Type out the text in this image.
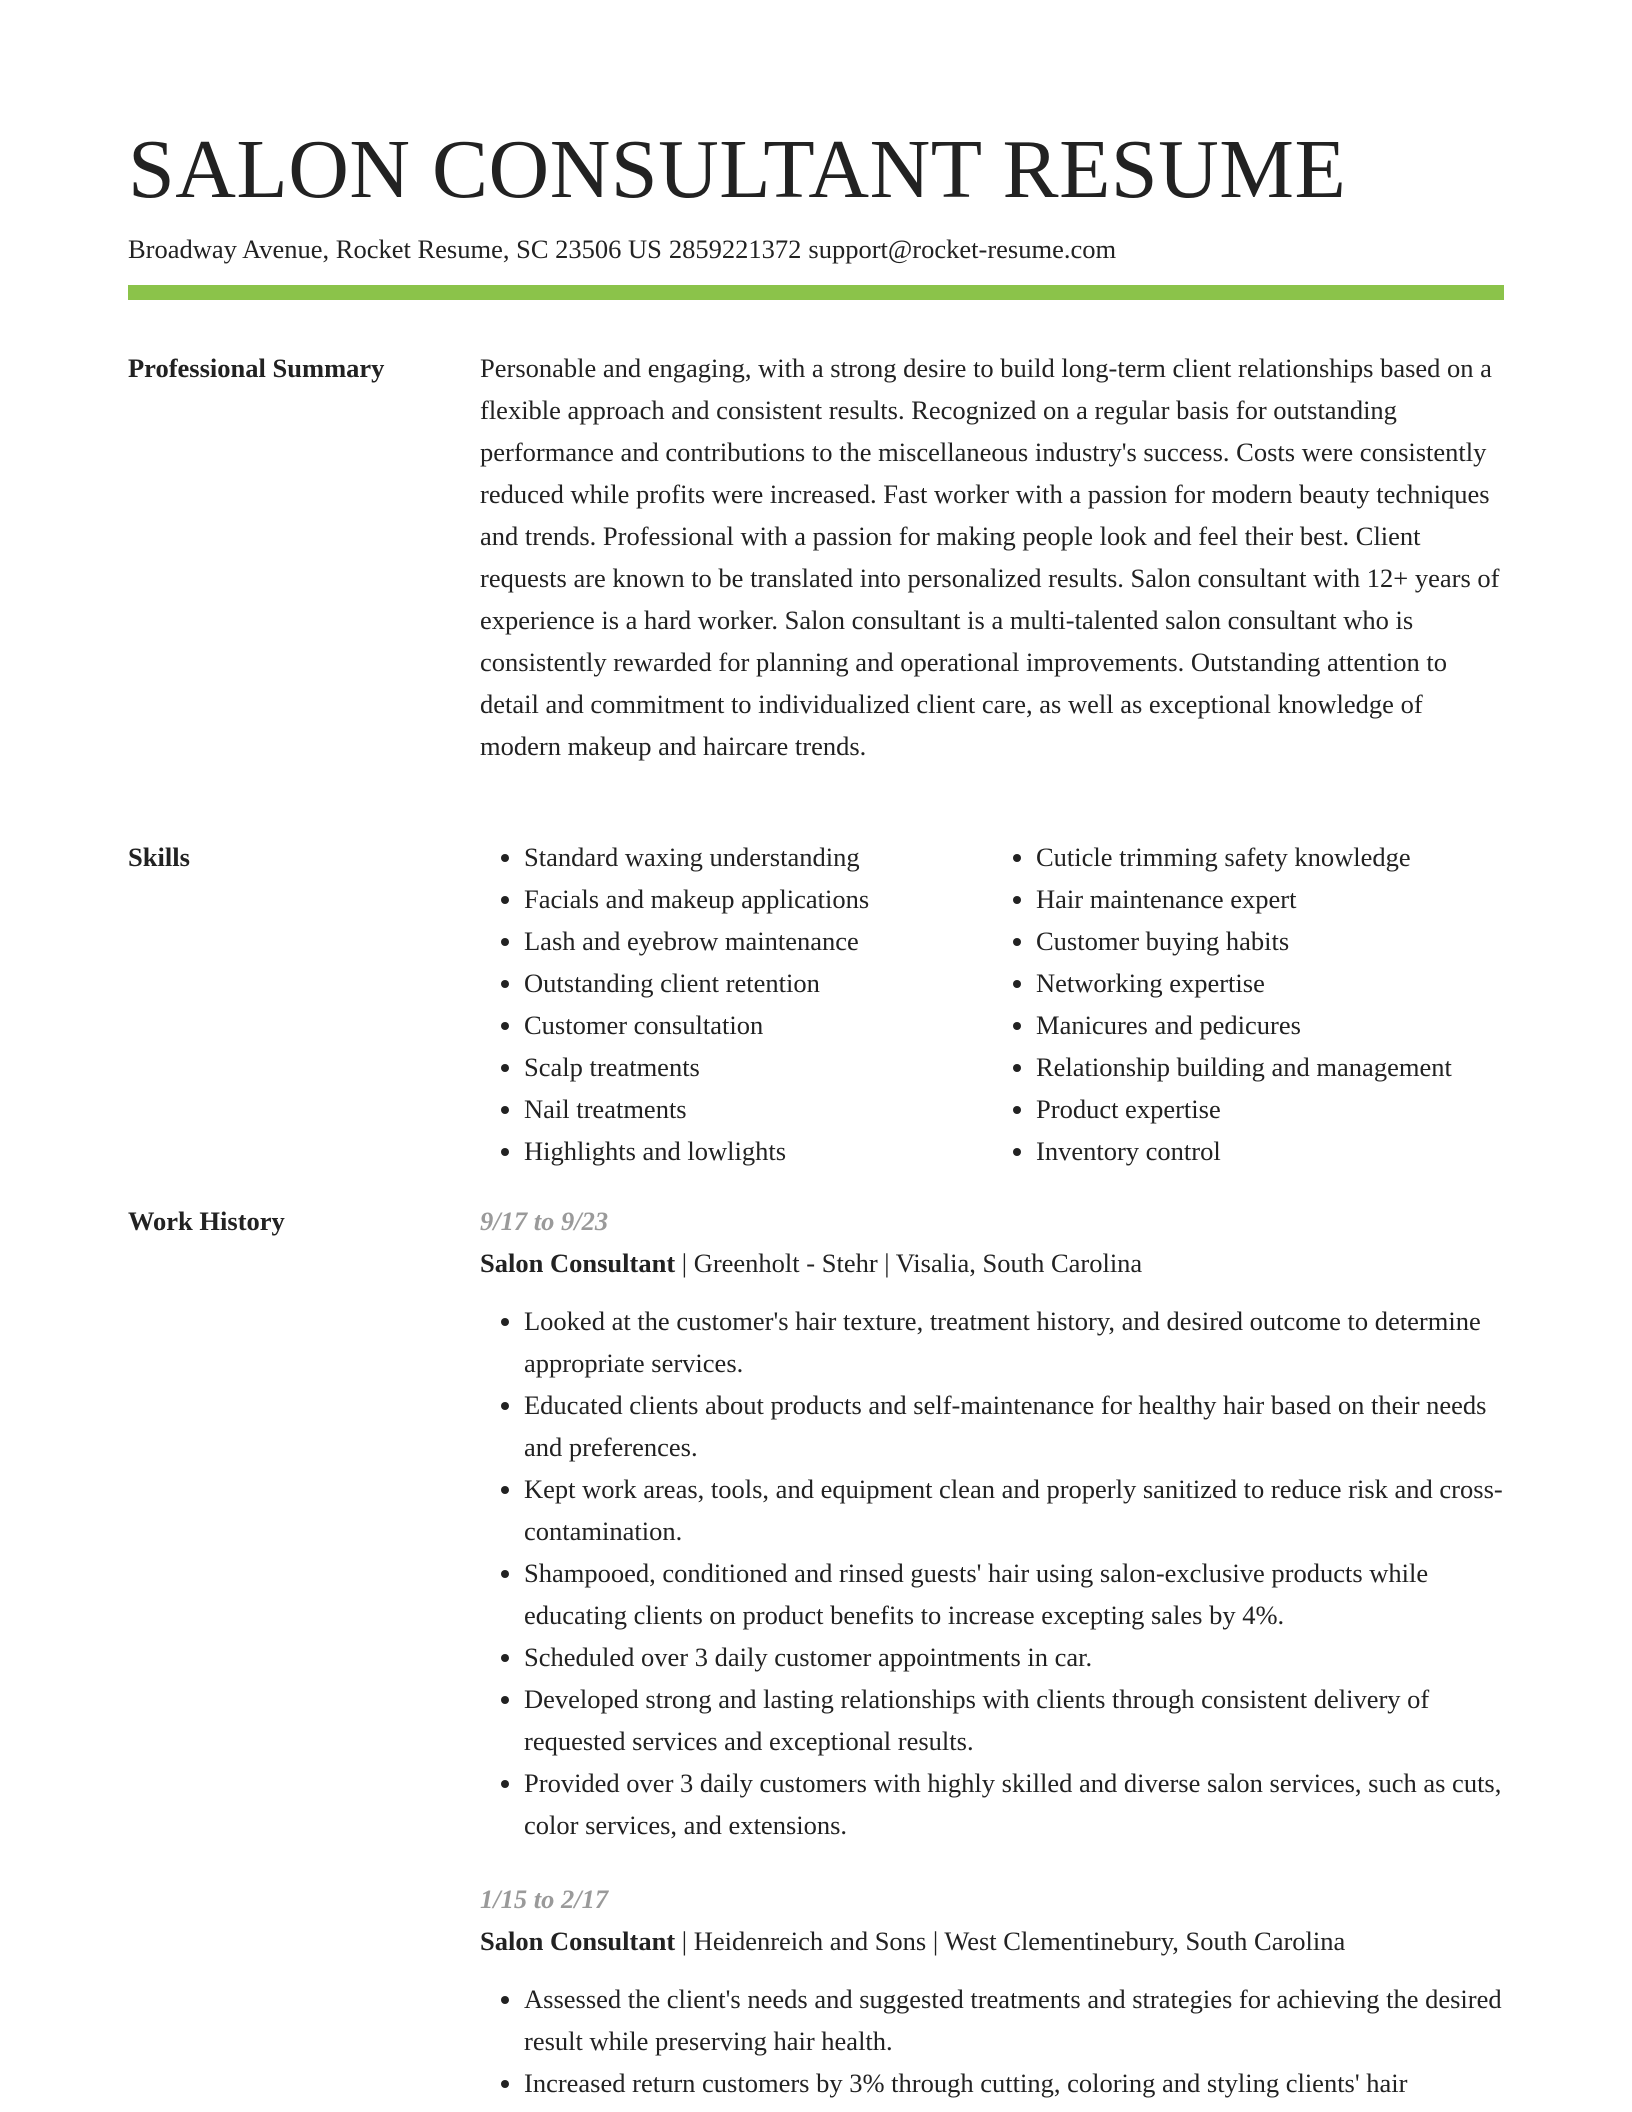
SALON CONSULTANT RESUME
Broadway Avenue, Rocket Resume, SC 23506 US 2859221372 support@rocket-resume.com
Professional Summary	Personable and engaging, with a strong desire to build long-term client relationships based on a flexible approach and consistent results. Recognized on a regular basis for outstanding performance and contributions to the miscellaneous industry's success. Costs were consistently reduced while profits were increased. Fast worker with a passion for modern beauty techniques and trends. Professional with a passion for making people look and feel their best. Client requests are known to be translated into personalized results. Salon consultant with 12+ years of experience is a hard worker. Salon consultant is a multi-talented salon consultant who is consistently rewarded for planning and operational improvements. Outstanding attention to detail and commitment to individualized client care, as well as exceptional knowledge of modern makeup and haircare trends.

Skills
•	Standard waxing understanding
• Facials and makeup applications
• Lash and eyebrow maintenance
• Outstanding client retention
• Customer consultation
• Scalp treatments
• Nail treatments
• Highlights and lowlights
• Cuticle trimming safety knowledge
• Hair maintenance expert
• Customer buying habits
• Networking expertise
• Manicures and pedicures
• Relationship building and management
• Product expertise
• Inventory control
Work History	9/17 to 9/23
Salon Consultant | Greenholt - Stehr | Visalia, South Carolina
• Looked at the customer's hair texture, treatment history, and desired outcome to determine appropriate services.
• Educated clients about products and self-maintenance for healthy hair based on their needs and preferences.
• Kept work areas, tools, and equipment clean and properly sanitized to reduce risk and cross-contamination.
• Shampooed, conditioned and rinsed guests' hair using salon-exclusive products while educating clients on product benefits to increase excepting sales by 4%.
• Scheduled over 3 daily customer appointments in car.
• Developed strong and lasting relationships with clients through consistent delivery of requested services and exceptional results.
• Provided over 3 daily customers with highly skilled and diverse salon services, such as cuts, color services, and extensions.
1/15 to 2/17
Salon Consultant | Heidenreich and Sons | West Clementinebury, South Carolina
• Assessed the client's needs and suggested treatments and strategies for achieving the desired result while preserving hair health.
• Increased return customers by 3% through cutting, coloring and styling clients' hair
